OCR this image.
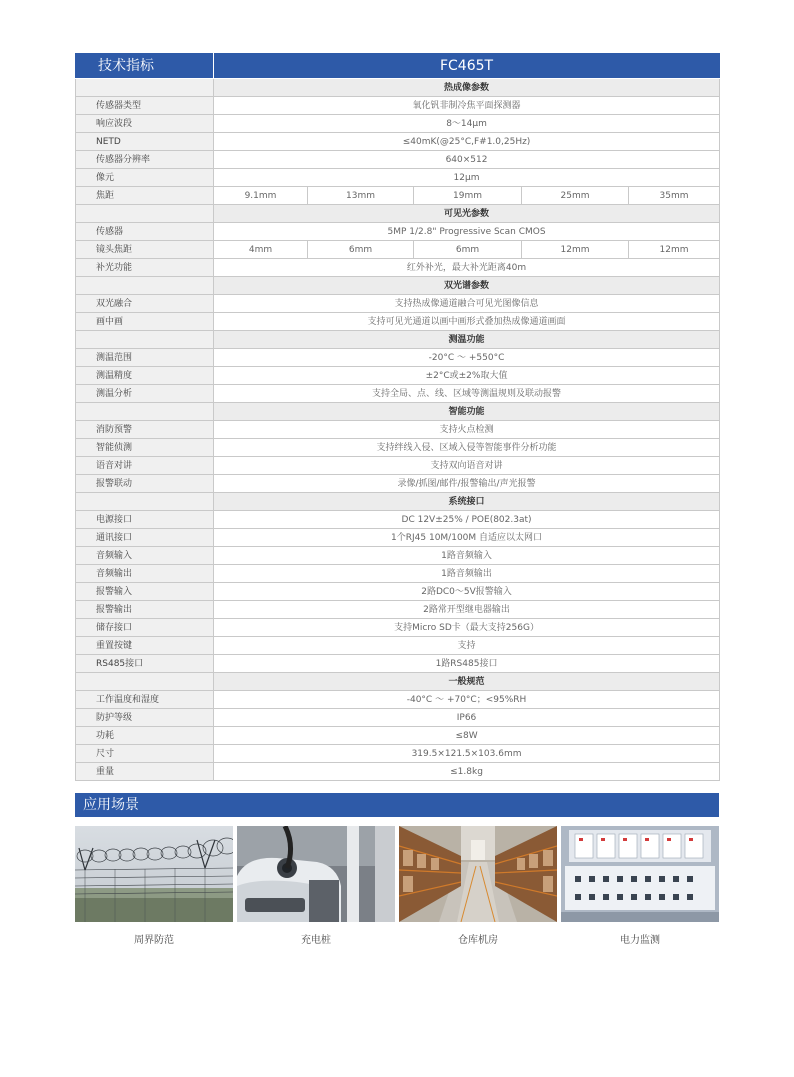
技术指标	FC465T				
	热成像参数				
传感器类型	氧化钒非制冷焦平面探测器				
响应波段	8～14μm				
NETD	≤40mK(@25°C,F#1.0,25Hz)				
传感器分辨率	640×512				
像元	12μm				
焦距	9.1mm	13mm	19mm	25mm	35mm
	可见光参数				
传感器	5MP 1/2.8" Progressive Scan CMOS				
镜头焦距	4mm	6mm	6mm	12mm	12mm
补光功能	红外补光，最大补光距离40m				
	双光谱参数				
双光融合	支持热成像通道融合可见光图像信息				
画中画	支持可见光通道以画中画形式叠加热成像通道画面				
	测温功能				
测温范围	-20°C ～ +550°C				
测温精度	±2°C或±2%取大值				
测温分析	支持全局、点、线、区域等测温规则及联动报警				
	智能功能				
消防预警	支持火点检测				
智能侦测	支持绊线入侵、区域入侵等智能事件分析功能				
语音对讲	支持双向语音对讲				
报警联动	录像/抓图/邮件/报警输出/声光报警				
	系统接口				
电源接口	DC 12V±25% / POE(802.3at)				
通讯接口	1个RJ45 10M/100M 自适应以太网口				
音频输入	1路音频输入				
音频输出	1路音频输出				
报警输入	2路DC0～5V报警输入				
报警输出	2路常开型继电器输出				
储存接口	支持Micro SD卡（最大支持256G）				
重置按键	支持				
RS485接口	1路RS485接口				
	一般规范				
工作温度和湿度	-40°C ～ +70°C；<95%RH				
防护等级	IP66				
功耗	≤8W				
尺寸	319.5×121.5×103.6mm				
重量	≤1.8kg				
应用场景
周界防范	充电桩	仓库机房	电力监测
